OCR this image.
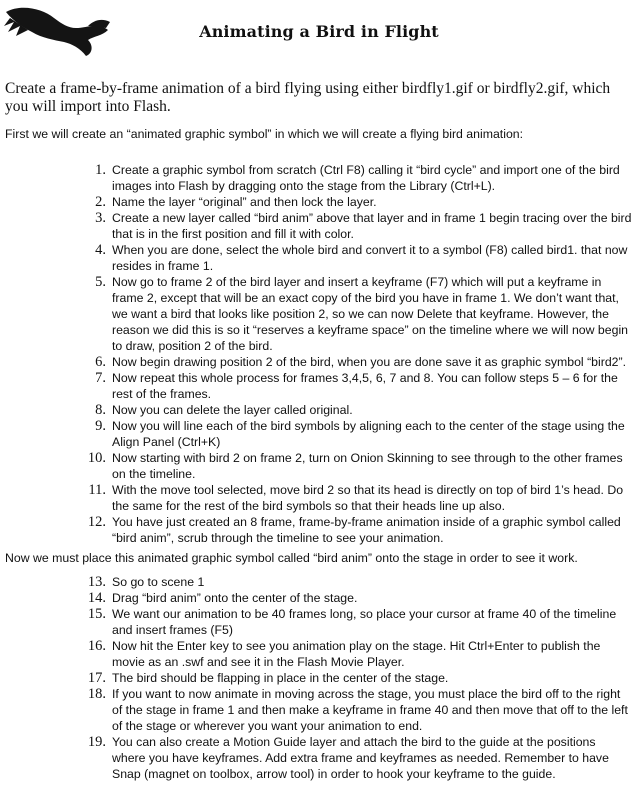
Animating a Bird in Flight
Create a frame-by-frame animation of a bird flying using either birdfly1.gif or birdfly2.gif, which you will import into Flash.
First we will create an “animated graphic symbol” in which we will create a flying bird animation:
1. Create a graphic symbol from scratch (Ctrl F8) calling it “bird cycle” and import one of the bird images into Flash by dragging onto the stage from the Library (Ctrl+L).
2. Name the layer “original” and then lock the layer.
3. Create a new layer called “bird anim” above that layer and in frame 1 begin tracing over the bird that is in the first position and fill it with color.
4. When you are done, select the whole bird and convert it to a symbol (F8) called bird1. that now resides in frame 1.
5. Now go to frame 2 of the bird layer and insert a keyframe (F7) which will put a keyframe in frame 2, except that will be an exact copy of the bird you have in frame 1. We don’t want that, we want a bird that looks like position 2, so we can now Delete that keyframe. However, the reason we did this is so it “reserves a keyframe space” on the timeline where we will now begin to draw, position 2 of the bird.
6. Now begin drawing position 2 of the bird, when you are done save it as graphic symbol “bird2”.
7. Now repeat this whole process for frames 3,4,5, 6, 7 and 8. You can follow steps 5 – 6 for the rest of the frames.
8. Now you can delete the layer called original.
9. Now you will line each of the bird symbols by aligning each to the center of the stage using the Align Panel (Ctrl+K)
10. Now starting with bird 2 on frame 2, turn on Onion Skinning to see through to the other frames on the timeline.
11. With the move tool selected, move bird 2 so that its head is directly on top of bird 1’s head. Do the same for the rest of the bird symbols so that their heads line up also.
12. You have just created an 8 frame, frame-by-frame animation inside of a graphic symbol called “bird anim”, scrub through the timeline to see your animation.
Now we must place this animated graphic symbol called “bird anim” onto the stage in order to see it work.
13. So go to scene 1
14. Drag “bird anim” onto the center of the stage.
15. We want our animation to be 40 frames long, so place your cursor at frame 40 of the timeline and insert frames (F5)
16. Now hit the Enter key to see you animation play on the stage. Hit Ctrl+Enter to publish the movie as an .swf and see it in the Flash Movie Player.
17. The bird should be flapping in place in the center of the stage.
18. If you want to now animate in moving across the stage, you must place the bird off to the right of the stage in frame 1 and then make a keyframe in frame 40 and then move that off to the left of the stage or wherever you want your animation to end.
19. You can also create a Motion Guide layer and attach the bird to the guide at the positions where you have keyframes. Add extra frame and keyframes as needed. Remember to have Snap (magnet on toolbox, arrow tool) in order to hook your keyframe to the guide.
